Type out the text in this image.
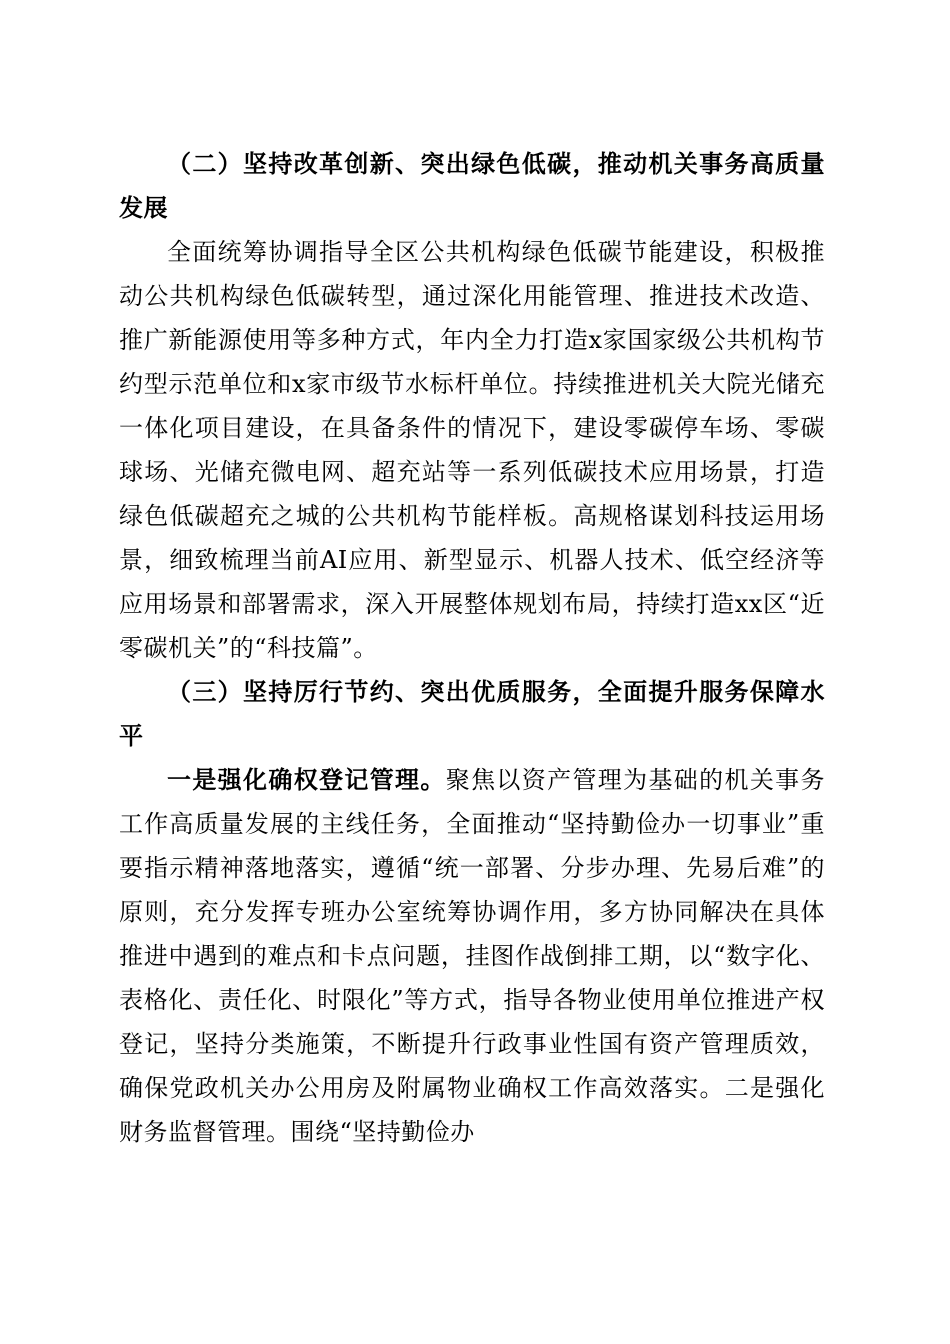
（二）坚持改革创新、突出绿色低碳，推动机关事务高质量发展

全面统筹协调指导全区公共机构绿色低碳节能建设，积极推动公共机构绿色低碳转型，通过深化用能管理、推进技术改造、推广新能源使用等多种方式，年内全力打造x家国家级公共机构节约型示范单位和x家市级节水标杆单位。持续推进机关大院光储充一体化项目建设，在具备条件的情况下，建设零碳停车场、零碳球场、光储充微电网、超充站等一系列低碳技术应用场景，打造绿色低碳超充之城的公共机构节能样板。高规格谋划科技运用场景，细致梳理当前AI应用、新型显示、机器人技术、低空经济等应用场景和部署需求，深入开展整体规划布局，持续打造xx区“近零碳机关”的“科技篇”。

（三）坚持厉行节约、突出优质服务，全面提升服务保障水平

一是强化确权登记管理。聚焦以资产管理为基础的机关事务工作高质量发展的主线任务，全面推动“坚持勤俭办一切事业”重要指示精神落地落实，遵循“统一部署、分步办理、先易后难”的原则，充分发挥专班办公室统筹协调作用，多方协同解决在具体推进中遇到的难点和卡点问题，挂图作战倒排工期，以“数字化、表格化、责任化、时限化”等方式，指导各物业使用单位推进产权登记，坚持分类施策，不断提升行政事业性国有资产管理质效，确保党政机关办公用房及附属物业确权工作高效落实。二是强化财务监督管理。围绕“坚持勤俭办
